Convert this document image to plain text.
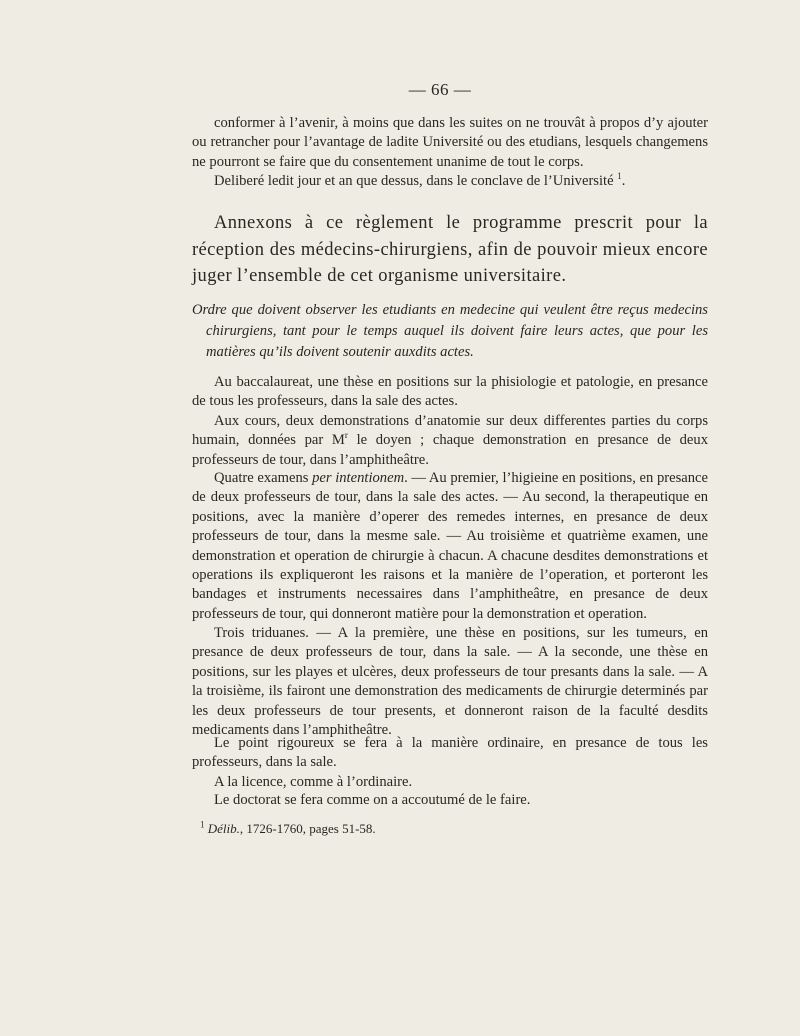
— 66 —

conformer à l’avenir, à moins que dans les suites on ne trouvât à propos d’y ajouter ou retrancher pour l’avantage de ladite Université ou des etudians, lesquels changemens ne pourront se faire que du consentement unanime de tout le corps.

Deliberé ledit jour et an que dessus, dans le conclave de l’Université $^1$.

Annexons à ce règlement le programme prescrit pour la réception des médecins-chirurgiens, afin de pouvoir mieux encore juger l’ensemble de cet organisme universitaire.

Ordre que doivent observer les etudiants en medecine qui veulent être reçus medecins chirurgiens, tant pour le temps auquel ils doivent faire leurs actes, que pour les matières qu’ils doivent soutenir auxdits actes.

Au baccalaureat, une thèse en positions sur la phisiologie et patologie, en presance de tous les professeurs, dans la sale des actes.

Aux cours, deux demonstrations d’anatomie sur deux differentes parties du corps humain, données par $M^r$ le doyen ; chaque demonstration en presance de deux professeurs de tour, dans l’amphitheâtre.

Quatre examens per intentionem. — Au premier, l’higieine en positions, en presance de deux professeurs de tour, dans la sale des actes. — Au second, la therapeutique en positions, avec la manière d’operer des remedes internes, en presance de deux professeurs de tour, dans la mesme sale. — Au troisième et quatrième examen, une demonstration et operation de chirurgie à chacun. A chacune desdites demonstrations et operations ils expliqueront les raisons et la manière de l’operation, et porteront les bandages et instruments necessaires dans l’amphitheâtre, en presance de deux professeurs de tour, qui donneront matière pour la demonstration et operation.

Trois triduanes. — A la première, une thèse en positions, sur les tumeurs, en presance de deux professeurs de tour, dans la sale. — A la seconde, une thèse en positions, sur les playes et ulcères, deux professeurs de tour presants dans la sale. — A la troisième, ils fairont une demonstration des medicaments de chirurgie determinés par les deux professeurs de tour presents, et donneront raison de la faculté desdits medicaments dans l’amphitheâtre.

Le point rigoureux se fera à la manière ordinaire, en presance de tous les professeurs, dans la sale.

A la licence, comme à l’ordinaire.

Le doctorat se fera comme on a accoutumé de le faire.

$^1$ Délib., 1726-1760, pages 51-58.
